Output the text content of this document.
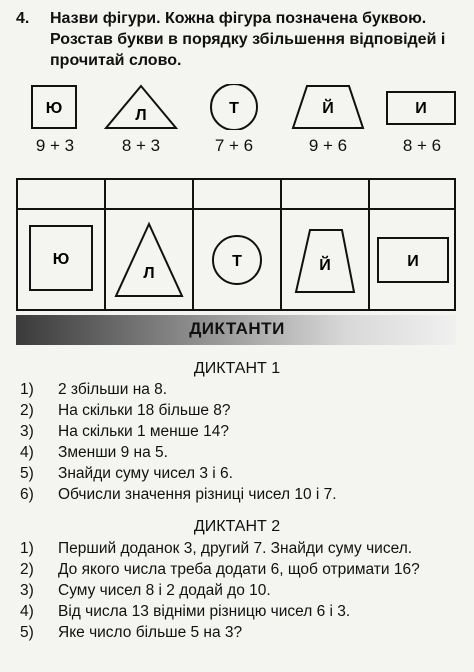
4. Назви фігури. Кожна фігура позначена буквою. Розстав букви в порядку збільшення відповідей і прочитай слово.
Ю
9 + 3
Л
8 + 3
Т
7 + 6
Й
9 + 6
И
8 + 6
Ю
Л
Т	Й	И
ДИКТАНТИ
ДИКТАНТ 1
1) 2 збільши на 8.
2) На скільки 18 більше 8?
3) На скільки 1 менше 14?
4) Зменши 9 на 5.
5) Знайди суму чисел 3 і 6.
6) Обчисли значення різниці чисел 10 і 7.
ДИКТАНТ 2
1) Перший доданок 3, другий 7. Знайди суму чисел.
2) До якого числа треба додати 6, щоб отримати 16?
3) Суму чисел 8 і 2 додай до 10.
4) Від числа 13 відніми різницю чисел 6 і 3.
5) Яке число більше 5 на 3?
